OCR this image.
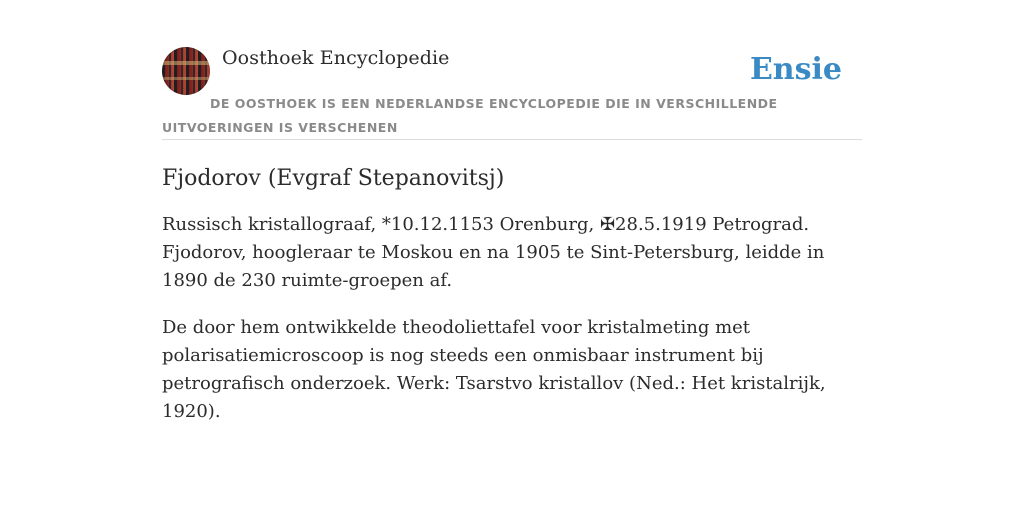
Oosthoek Encyclopedie	Ensie
DE OOSTHOEK IS EEN NEDERLANDSE ENCYCLOPEDIE DIE IN VERSCHILLENDE UITVOERINGEN IS VERSCHENEN
Fjodorov (Evgraf Stepanovitsj)

Russisch kristallograaf, *10.12.1153 Orenburg, ✠28.5.1919 Petrograd. Fjodorov, hoogleraar te Moskou en na 1905 te Sint-Petersburg, leidde in 1890 de 230 ruimte-groepen af.

De door hem ontwikkelde theodoliettafel voor kristalmeting met polarisatiemicroscoop is nog steeds een onmisbaar instrument bij petrografisch onderzoek. Werk: Tsarstvo kristallov (Ned.: Het kristalrijk, 1920).
